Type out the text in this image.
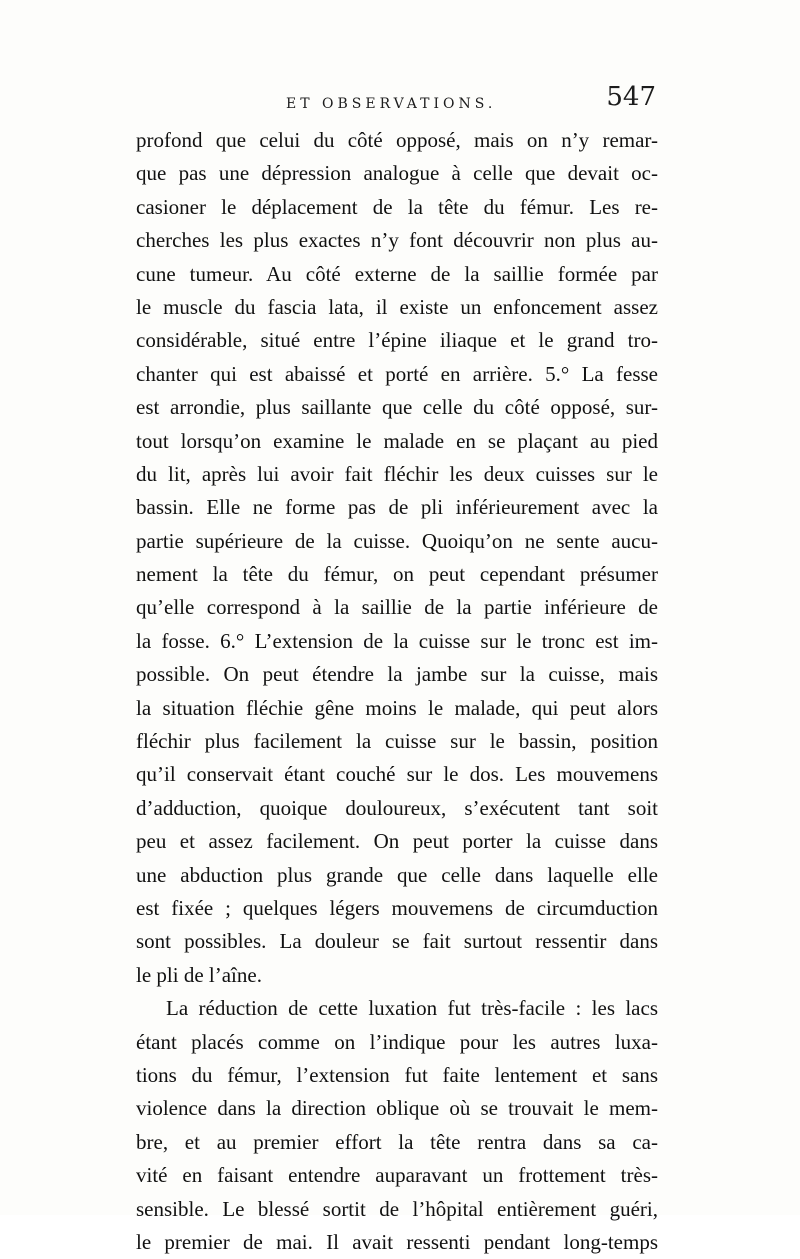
ET OBSERVATIONS.	547
profond que celui du côté opposé, mais on n’y remar-
que pas une dépression analogue à celle que devait oc-
casioner le déplacement de la tête du fémur. Les re-
cherches les plus exactes n’y font découvrir non plus au-
cune tumeur. Au côté externe de la saillie formée par
le muscle du fascia lata, il existe un enfoncement assez
considérable, situé entre l’épine iliaque et le grand tro-
chanter qui est abaissé et porté en arrière. 5.° La fesse
est arrondie, plus saillante que celle du côté opposé, sur-
tout lorsqu’on examine le malade en se plaçant au pied
du lit, après lui avoir fait fléchir les deux cuisses sur le
bassin. Elle ne forme pas de pli inférieurement avec la
partie supérieure de la cuisse. Quoiqu’on ne sente aucu-
nement la tête du fémur, on peut cependant présumer
qu’elle correspond à la saillie de la partie inférieure de
la fosse. 6.° L’extension de la cuisse sur le tronc est im-
possible. On peut étendre la jambe sur la cuisse, mais
la situation fléchie gêne moins le malade, qui peut alors
fléchir plus facilement la cuisse sur le bassin, position
qu’il conservait étant couché sur le dos. Les mouvemens
d’adduction, quoique douloureux, s’exécutent tant soit
peu et assez facilement. On peut porter la cuisse dans
une abduction plus grande que celle dans laquelle elle
est fixée ; quelques légers mouvemens de circumduction
sont possibles. La douleur se fait surtout ressentir dans
le pli de l’aîne.
La réduction de cette luxation fut très-facile : les lacs
étant placés comme on l’indique pour les autres luxa-
tions du fémur, l’extension fut faite lentement et sans
violence dans la direction oblique où se trouvait le mem-
bre, et au premier effort la tête rentra dans sa ca-
vité en faisant entendre auparavant un frottement très-
sensible. Le blessé sortit de l’hôpital entièrement guéri,
le premier de mai. Il avait ressenti pendant long-temps
